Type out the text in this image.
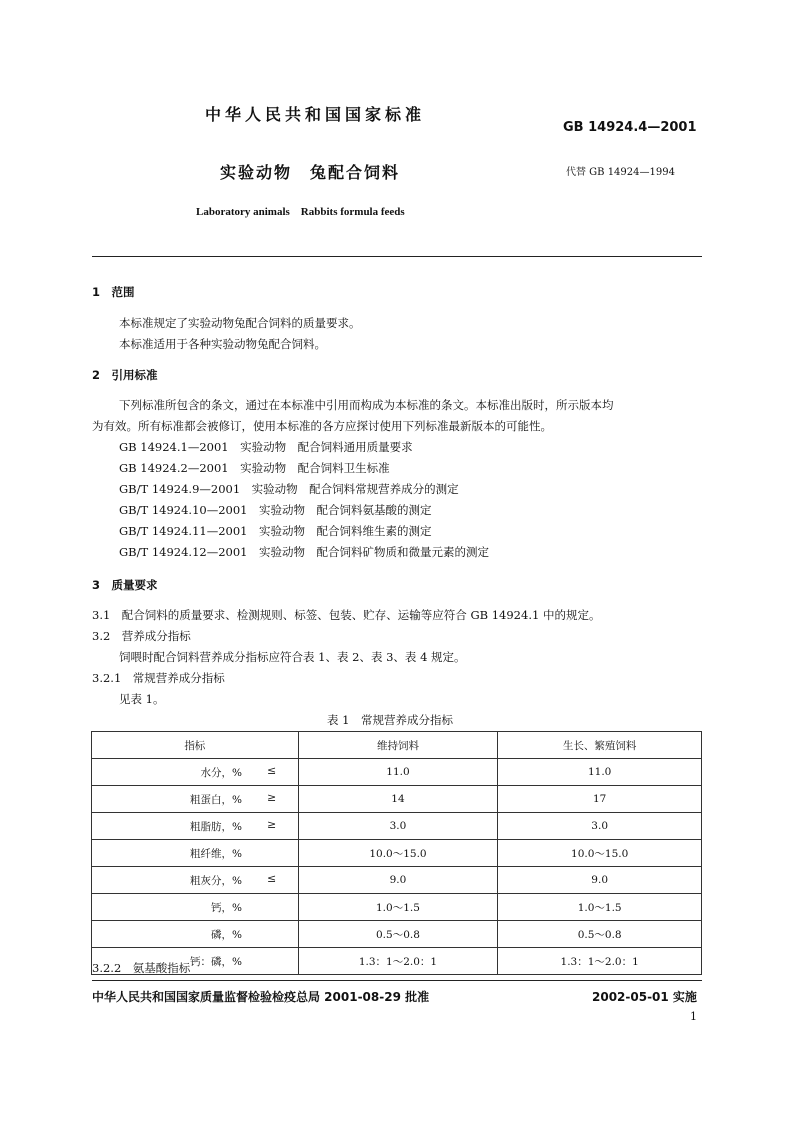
中华人民共和国国家标准
GB 14924.4—2001
实验动物　兔配合饲料	代替 GB 14924—1994
Laboratory animals　Rabbits formula feeds
1　范围
本标准规定了实验动物兔配合饲料的质量要求。
本标准适用于各种实验动物兔配合饲料。
2　引用标准
下列标准所包含的条文，通过在本标准中引用而构成为本标准的条文。本标准出版时，所示版本均
为有效。所有标准都会被修订，使用本标准的各方应探讨使用下列标准最新版本的可能性。
GB 14924.1—2001　实验动物　配合饲料通用质量要求
GB 14924.2—2001　实验动物　配合饲料卫生标准
GB/T 14924.9—2001　实验动物　配合饲料常规营养成分的测定
GB/T 14924.10—2001　实验动物　配合饲料氨基酸的测定
GB/T 14924.11—2001　实验动物　配合饲料维生素的测定
GB/T 14924.12—2001　实验动物　配合饲料矿物质和微量元素的测定
3　质量要求
3.1　配合饲料的质量要求、检测规则、标签、包装、贮存、运输等应符合 GB 14924.1 中的规定。
3.2　营养成分指标
饲喂时配合饲料营养成分指标应符合表 1、表 2、表 3、表 4 规定。
3.2.1　常规营养成分指标
见表 1。
表 1　常规营养成分指标
指标	维持饲料	生长、繁殖饲料

水分，% ≤	11.0	11.0

粗蛋白，% ≥	14	17

粗脂肪，% ≥	3.0	3.0

粗纤维，%	10.0～15.0	10.0～15.0

粗灰分，% ≤	9.0	9.0

钙，%	1.0～1.5	1.0～1.5

磷，%	0.5～0.8	0.5～0.8

钙：磷，%	1.3：1～2.0：1	1.3：1～2.0：1
3.2.2　氨基酸指标
中华人民共和国国家质量监督检验检疫总局 2001-08-29 批准	2002-05-01 实施
1
